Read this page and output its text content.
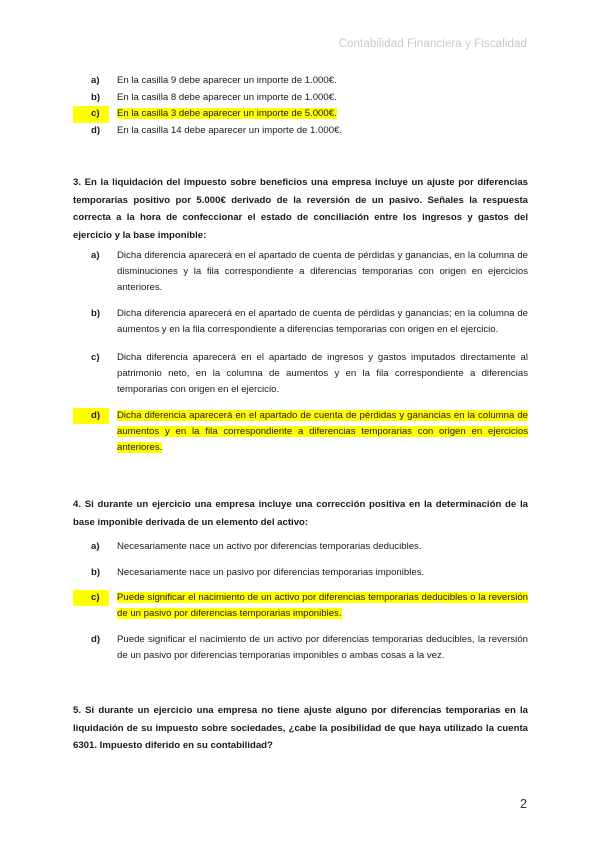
Contabilidad Financiera y Fiscalidad
a)	En la casilla 9 debe aparecer un importe de 1.000€.
b)	En la casilla 8 debe aparecer un importe de 1.000€.
c)	En la casilla 3 debe aparecer un importe de 5.000€.
d)	En la casilla 14 debe aparecer un importe de 1.000€.
3. En la liquidación del impuesto sobre beneficios una empresa incluye un ajuste por diferencias temporarias positivo por 5.000€ derivado de la reversión de un pasivo. Señales la respuesta correcta a la hora de confeccionar el estado de conciliación entre los ingresos y gastos del ejercicio y la base imponible:
a)	Dicha diferencia aparecerá en el apartado de cuenta de pérdidas y ganancias, en la columna de disminuciones y la fila correspondiente a diferencias temporarias con origen en ejercicios anteriores.
b)	Dicha diferencia aparecerá en el apartado de cuenta de pérdidas y ganancias; en la columna de aumentos y en la fila correspondiente a diferencias temporarias con origen en el ejercicio.
c)	Dicha diferencia aparecerá en el apartado de ingresos y gastos imputados directamente al patrimonio neto, en la columna de aumentos y en la fila correspondiente a diferencias temporarias con origen en el ejercicio.
d)	Dicha diferencia aparecerá en el apartado de cuenta de pérdidas y ganancias en la columna de aumentos y en la fila correspondiente a diferencias temporarias con origen en ejercicios anteriores.
4. Si durante un ejercicio una empresa incluye una corrección positiva en la determinación de la base imponible derivada de un elemento del activo:
a)	Necesariamente nace un activo por diferencias temporarias deducibles.
b)	Necesariamente nace un pasivo por diferencias temporarias imponibles.
c)	Puede significar el nacimiento de un activo por diferencias temporarias deducibles o la reversión de un pasivo por diferencias temporarias imponibles.
d)	Puede significar el nacimiento de un activo por diferencias temporarias deducibles, la reversión de un pasivo por diferencias temporarias imponibles o ambas cosas a la vez.
5. Si durante un ejercicio una empresa no tiene ajuste alguno por diferencias temporarias en la liquidación de su impuesto sobre sociedades, ¿cabe la posibilidad de que haya utilizado la cuenta 6301. Impuesto diferido en su contabilidad?
2
